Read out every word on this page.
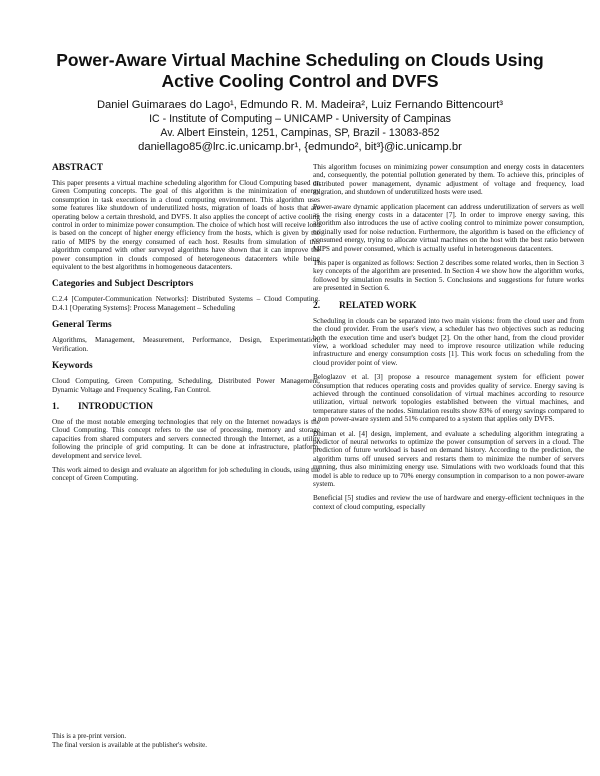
Power-Aware Virtual Machine Scheduling on Clouds Using
Active Cooling Control and DVFS
Daniel Guimaraes do Lago¹, Edmundo R. M. Madeira², Luiz Fernando Bittencourt³
IC - Institute of Computing – UNICAMP - University of Campinas
Av. Albert Einstein, 1251, Campinas, SP, Brazil - 13083-852
daniellago85@lrc.ic.unicamp.br¹, {edmundo², bit³}@ic.unicamp.br
ABSTRACT

This paper presents a virtual machine scheduling algorithm for Cloud Computing based on Green Computing concepts. The goal of this algorithm is the minimization of energy consumption in task executions in a cloud computing environment. This algorithm uses some features like shutdown of underutilized hosts, migration of loads of hosts that are operating below a certain threshold, and DVFS. It also applies the concept of active cooling control in order to minimize power consumption. The choice of which host will receive load is based on the concept of higher energy efficiency from the hosts, which is given by the ratio of MIPS by the energy consumed of each host. Results from simulation of this algorithm compared with other surveyed algorithms have shown that it can improve the power consumption in clouds composed of heterogeneous datacenters while being equivalent to the best algorithms in homogeneous datacenters.

Categories and Subject Descriptors

C.2.4 [Computer-Communication Networks]: Distributed Systems – Cloud Computing. D.4.1 [Operating Systems]: Process Management – Scheduling

General Terms

Algorithms, Management, Measurement, Performance, Design, Experimentation, Verification.

Keywords

Cloud Computing, Green Computing, Scheduling, Distributed Power Management, Dynamic Voltage and Frequency Scaling, Fan Control.

1. INTRODUCTION

One of the most notable emerging technologies that rely on the Internet nowadays is the Cloud Computing. This concept refers to the use of processing, memory and storage capacities from shared computers and servers connected through the Internet, as a utility following the principle of grid computing. It can be done at infrastructure, platform, development and service level.

This work aimed to design and evaluate an algorithm for job scheduling in clouds, using the concept of Green Computing.

This algorithm focuses on minimizing power consumption and energy costs in datacenters and, consequently, the potential pollution generated by them. To achieve this, principles of distributed power management, dynamic adjustment of voltage and frequency, load migration, and shutdown of underutilized hosts were used.

Power-aware dynamic application placement can address underutilization of servers as well as the rising energy costs in a datacenter [7]. In order to improve energy saving, this algorithm also introduces the use of active cooling control to minimize power consumption, originally used for noise reduction. Furthermore, the algorithm is based on the efficiency of consumed energy, trying to allocate virtual machines on the host with the best ratio between MIPS and power consumed, which is actually useful in heterogeneous datacenters.

This paper is organized as follows: Section 2 describes some related works, then in Section 3 key concepts of the algorithm are presented. In Section 4 we show how the algorithm works, followed by simulation results in Section 5. Conclusions and suggestions for future works are presented in Section 6.

2. RELATED WORK

Scheduling in clouds can be separated into two main visions: from the cloud user and from the cloud provider. From the user's view, a scheduler has two objectives such as reducing both the execution time and user's budget [2]. On the other hand, from the cloud provider view, a workload scheduler may need to improve resource utilization while reducing infrastructure and energy consumption costs [1]. This work focus on scheduling from the cloud provider point of view.

Beloglazov et al. [3] propose a resource management system for efficient power consumption that reduces operating costs and provides quality of service. Energy saving is achieved through the continued consolidation of virtual machines according to resource utilization, virtual network topologies established between the virtual machines, and temperature states of the nodes. Simulation results show 83% of energy savings compared to a non power-aware system and 51% compared to a system that applies only DVFS.

Dhiman et al. [4] design, implement, and evaluate a scheduling algorithm integrating a predictor of neural networks to optimize the power consumption of servers in a cloud. The prediction of future workload is based on demand history. According to the prediction, the algorithm turns off unused servers and restarts them to minimize the number of servers running, thus also minimizing energy use. Simulations with two workloads found that this model is able to reduce up to 70% energy consumption in comparison to a non power-aware system.

Beneficial [5] studies and review the use of hardware and energy-efficient techniques in the context of cloud computing, especially

This is a pre-print version.
The final version is available at the publisher's website.
